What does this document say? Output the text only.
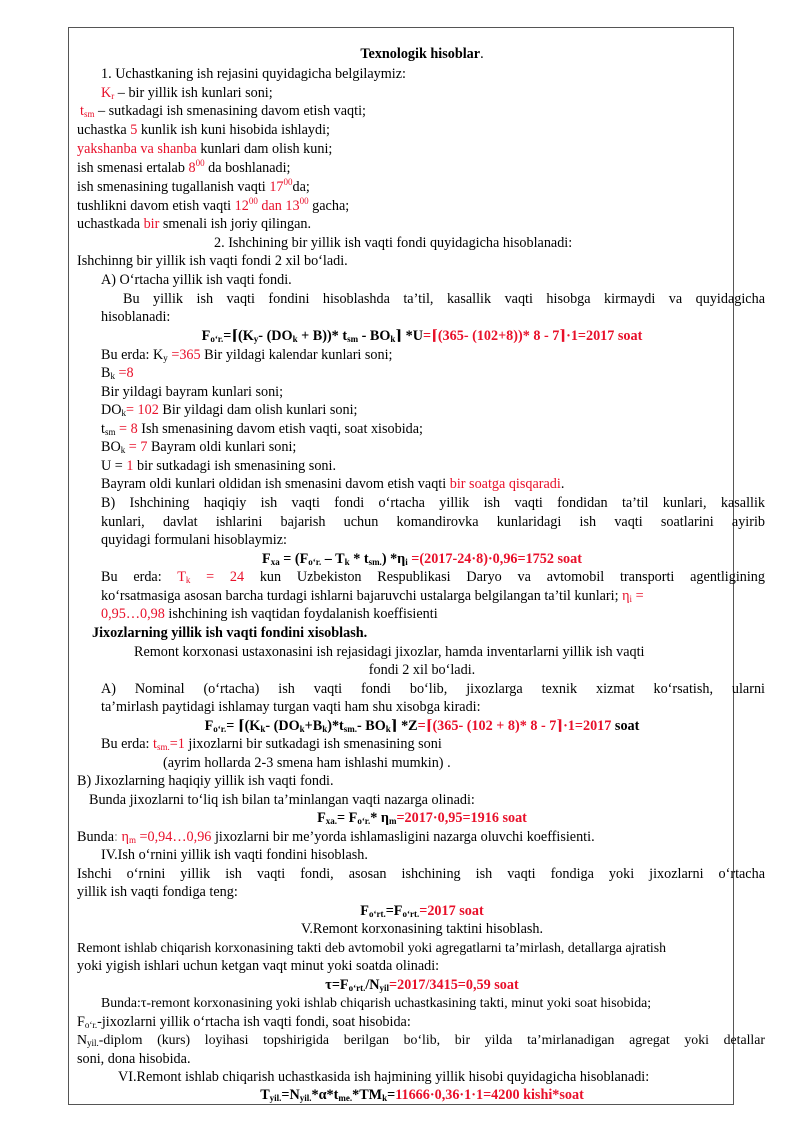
Texnologik hisoblar.
1. Uchastkaning ish rejasini quyidagicha belgilaymiz:
$K_r$ – bir yillik ish kunlari soni;
$t_{sm}$ – sutkadagi ish smenasining davom etish vaqti;
uchastka 5 kunlik ish kuni hisobida ishlaydi;
yakshanba va shanba kunlari dam olish kuni;
ish smenasi ertalab $8^{00}$ da boshlanadi;
ish smenasining tugallanish vaqti $17^{00}da$;
tushlikni davom etish vaqti $12^{00}$ dan $13^{00}$ gacha;
uchastkada bir smenali ish joriy qilingan.
2. Ishchining bir yillik ish vaqti fondi quyidagicha hisoblanadi:
Ishchinng bir yillik ish vaqti fondi 2 xil bo‘ladi.
A) O‘rtacha yillik ish vaqti fondi.
Bu yillik ish vaqti fondini hisoblashda ta’til, kasallik vaqti hisobga kirmaydi va quyidagicha
hisoblanadi:
$F_{o‘r.}=⌈(K_y-$ $(DO_k + B))*$ $t_{sm}$ - $BO_k⌉$ *U=⌈(365- (102+8))* 8 - 7⌉·1=2017 soat
Bu erda: $K_y =365$ Bir yildagi kalendar kunlari soni;
$B_k =8$
Bir yildagi bayram kunlari soni;
$DO_k= 102$ Bir yildagi dam olish kunlari soni;
$t_{sm} = 8$ Ish smenasining davom etish vaqti, soat xisobida;
$BO_k = 7$ Bayram oldi kunlari soni;
U = 1 bir sutkadagi ish smenasining soni.
Bayram oldi kunlari oldidan ish smenasini davom etish vaqti bir soatga qisqaradi.
B) Ishchining haqiqiy ish vaqti fondi o‘rtacha yillik ish vaqti fondidan ta’til kunlari, kasallik
kunlari, davlat ishlarini bajarish uchun komandirovka kunlaridagi ish vaqti soatlarini ayirib
quyidagi formulani hisoblaymiz:
$F_{xa} = (F_{o‘r.} - T_k * t_{sm.})$ $*\eta_i =(2017-24\cdot 8)\cdot 0,96=1752$ soat
Bu erda: $T_k = 24$ kun Uzbekiston Respublikasi Daryo va avtomobil transporti agentligining
ko‘rsatmasiga asosan barcha turdagi ishlarni bajaruvchi ustalarga belgilangan ta’til kunlari; $\eta_i$ =
0,95…0,98 ishchining ish vaqtidan foydalanish koeffisienti
Jixozlarning yillik ish vaqti fondini xisoblash.
Remont korxonasi ustaxonasini ish rejasidagi jixozlar, hamda inventarlarni yillik ish vaqti
fondi 2 xil bo‘ladi.
A) Nominal (o‘rtacha) ish vaqti fondi bo‘lib, jixozlarga texnik xizmat ko‘rsatish, ularni
ta’mirlash paytidagi ishlamay turgan vaqti ham shu xisobga kiradi:
$F_{o‘r.}=$ $⌈(K_k-$ $(DO_k+B_k)*t_{sm.}-$ $BO_k⌉$ *Z=⌈(365- (102 + 8)* 8 - 7⌉·1=2017 soat
Bu erda: $t_{sm.}=1$ jixozlarni bir sutkadagi ish smenasining soni
(ayrim hollarda 2-3 smena ham ishlashi mumkin) .
B) Jixozlarning haqiqiy yillik ish vaqti fondi.
Bunda jixozlarni to‘liq ish bilan ta’minlangan vaqti nazarga olinadi:
$F_{xa.}= F_{o‘r.}*$ $\eta_m=2017\cdot 0,95=1916$ soat
Bunda: $\eta_m$ =0,94…0,96 jixozlarni bir me’yorda ishlamasligini nazarga oluvchi koeffisienti.
IV.Ish o‘rnini yillik ish vaqti fondini hisoblash.
Ishchi o‘rnini yillik ish vaqti fondi, asosan ishchining ish vaqti fondiga yoki jixozlarni o‘rtacha
yillik ish vaqti fondiga teng:
$F_{o‘rt.}=F_{o‘rt.}=2017$ soat
V.Remont korxonasining taktini hisoblash.
Remont ishlab chiqarish korxonasining takti deb avtomobil yoki agregatlarni ta’mirlash, detallarga ajratish
yoki yigish ishlari uchun ketgan vaqt minut yoki soatda olinadi:
$\tau=F_{o‘rt.}/N_{yil}=2017/3415=0,59$ soat
Bunda:τ-remont korxonasining yoki ishlab chiqarish uchastkasining takti, minut yoki soat hisobida;
$F_{o‘r.}$-jixozlarni yillik o‘rtacha ish vaqti fondi, soat hisobida:
$N_{yil.}$-diplom (kurs) loyihasi topshirigida berilgan bo‘lib, bir yilda ta’mirlanadigan agregat yoki detallar
soni, dona hisobida.
VI.Remont ishlab chiqarish uchastkasida ish hajmining yillik hisobi quyidagicha hisoblanadi:
$T_{yil.}=N_{yil.}*\alpha*t_{me.}*TM_k=11666\cdot 0,36\cdot 1\cdot 1=4200$ kishi*soat
